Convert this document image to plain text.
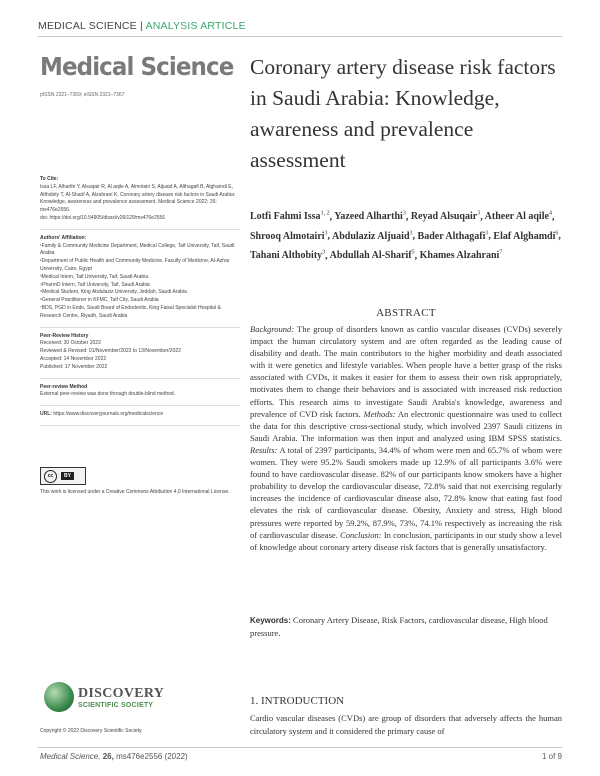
MEDICAL SCIENCE | ANALYSIS ARTICLE
Medical Science
pISSN 2321–7359; eISSN 2321–7367
Coronary artery disease risk factors in Saudi Arabia: Knowledge, awareness and prevalence assessment
Lotfi Fahmi Issa$^{1, 2}$, Yazeed Alharthi$^3$, Reyad Alsuqair$^3$, Atheer Al aqile$^4$, Shrooq Almotairi$^3$, Abdulaziz Aljuaid$^3$, Bader Althagafi$^3$, Elaf Alghamdi$^6$, Tahani Althobity$^3$, Abdullah Al-Sharif$^5$, Khames Alzahrani$^7$
To Cite:

Issa LF, Alharthi Y, Alsuqair R, Al aqile A, Almotairi S, Aljuaid A, Althagafi B, Alghamdi E, Althobity T, Al-Sharif A, Alzahrani K. Coronary artery disease risk factors in Saudi Arabia: Knowledge, awareness and prevalence assessment. Medical Science 2022; 26: ms476e2556.

doi: https://doi.org/10.54905/disssi/v26i129/ms476e2556

Authors' Affiliation:

¹Family & Community Medicine Department, Medical College, Taif University, Taif, Saudi Arabia

²Department of Public Health and Community Medicine, Faculty of Medicine, Al-Azhar University, Cairo, Egypt

³Medical Intern, Taif University, Taif, Saudi Arabia

⁴PharmD Intern, Taif University, Taif, Saudi Arabia

⁵Medical Student, King Abdulaziz University, Jeddah, Saudi Arabia

⁶General Practitioner in KFMC, Taif City, Saudi Arabia

⁷BDS, PGD in Endo, Saudi Board of Endodontic, King Faisal Specialist Hospital & Research Centre, Riyadh, Saudi Arabia

Peer-Review History

Received: 30 October 2022

Reviewed & Revised: 01/November/2022 to 13/November/2022

Accepted: 14 November 2022

Published: 17 November 2022

Peer-review Method

External peer-review was done through double-blind method.

URL: https://www.discoveryjournals.org/medicalscience

cc	BY
This work is licensed under a Creative Commons Attribution 4.0 International License.
DISCOVERY
SCIENTIFIC SOCIETY
Copyright © 2022 Discovery Scientific Society.
ABSTRACT

Background: The group of disorders known as cardio vascular diseases (CVDs) severely impact the human circulatory system and are often regarded as the leading cause of disability and death. The main contributors to the higher morbidity and death associated with it were genetics and lifestyle variables. When people have a better grasp of the risks associated with CVDs, it makes it easier for them to assess their own risk appropriately, motivates them to change their behaviors and is associated with increased risk reduction efforts. This research aims to investigate Saudi Arabia's knowledge, awareness and prevalence of CVD risk factors. Methods: An electronic questionnaire was used to collect the data for this descriptive cross-sectional study, which involved 2397 Saudi citizens in Saudi Arabia. The information was then input and analyzed using IBM SPSS statistics. Results: A total of 2397 participants, 34.4% of whom were men and 65.7% of whom were women. They were 95.2% Saudi smokers made up 12.9% of all participants 3.6% were found to have cardiovascular disease. 82% of our participants know smokers have a higher probability to develop the cardiovascular disease, 72.8% said that not exercising regularly increases the incidence of cardiovascular disease also, 72.8% know that eating fast food elevates the risk of cardiovascular disease. Obesity, Anxiety and stress, High blood pressures were reported by 59.2%, 87.9%, 73%, 74.1% respectively as increasing the risk of cardiovascular disease. Conclusion: In conclusion, participants in our study show a level of knowledge about coronary artery disease risk factors that is generally unsatisfactory.

Keywords: Coronary Artery Disease, Risk Factors, cardiovascular disease, High blood pressure.
1. INTRODUCTION

Cardio vascular diseases (CVDs) are group of disorders that adversely affects the human circulatory system and it considered the primary cause of

Medical Science, 26, ms476e2556 (2022)	1 of 9
